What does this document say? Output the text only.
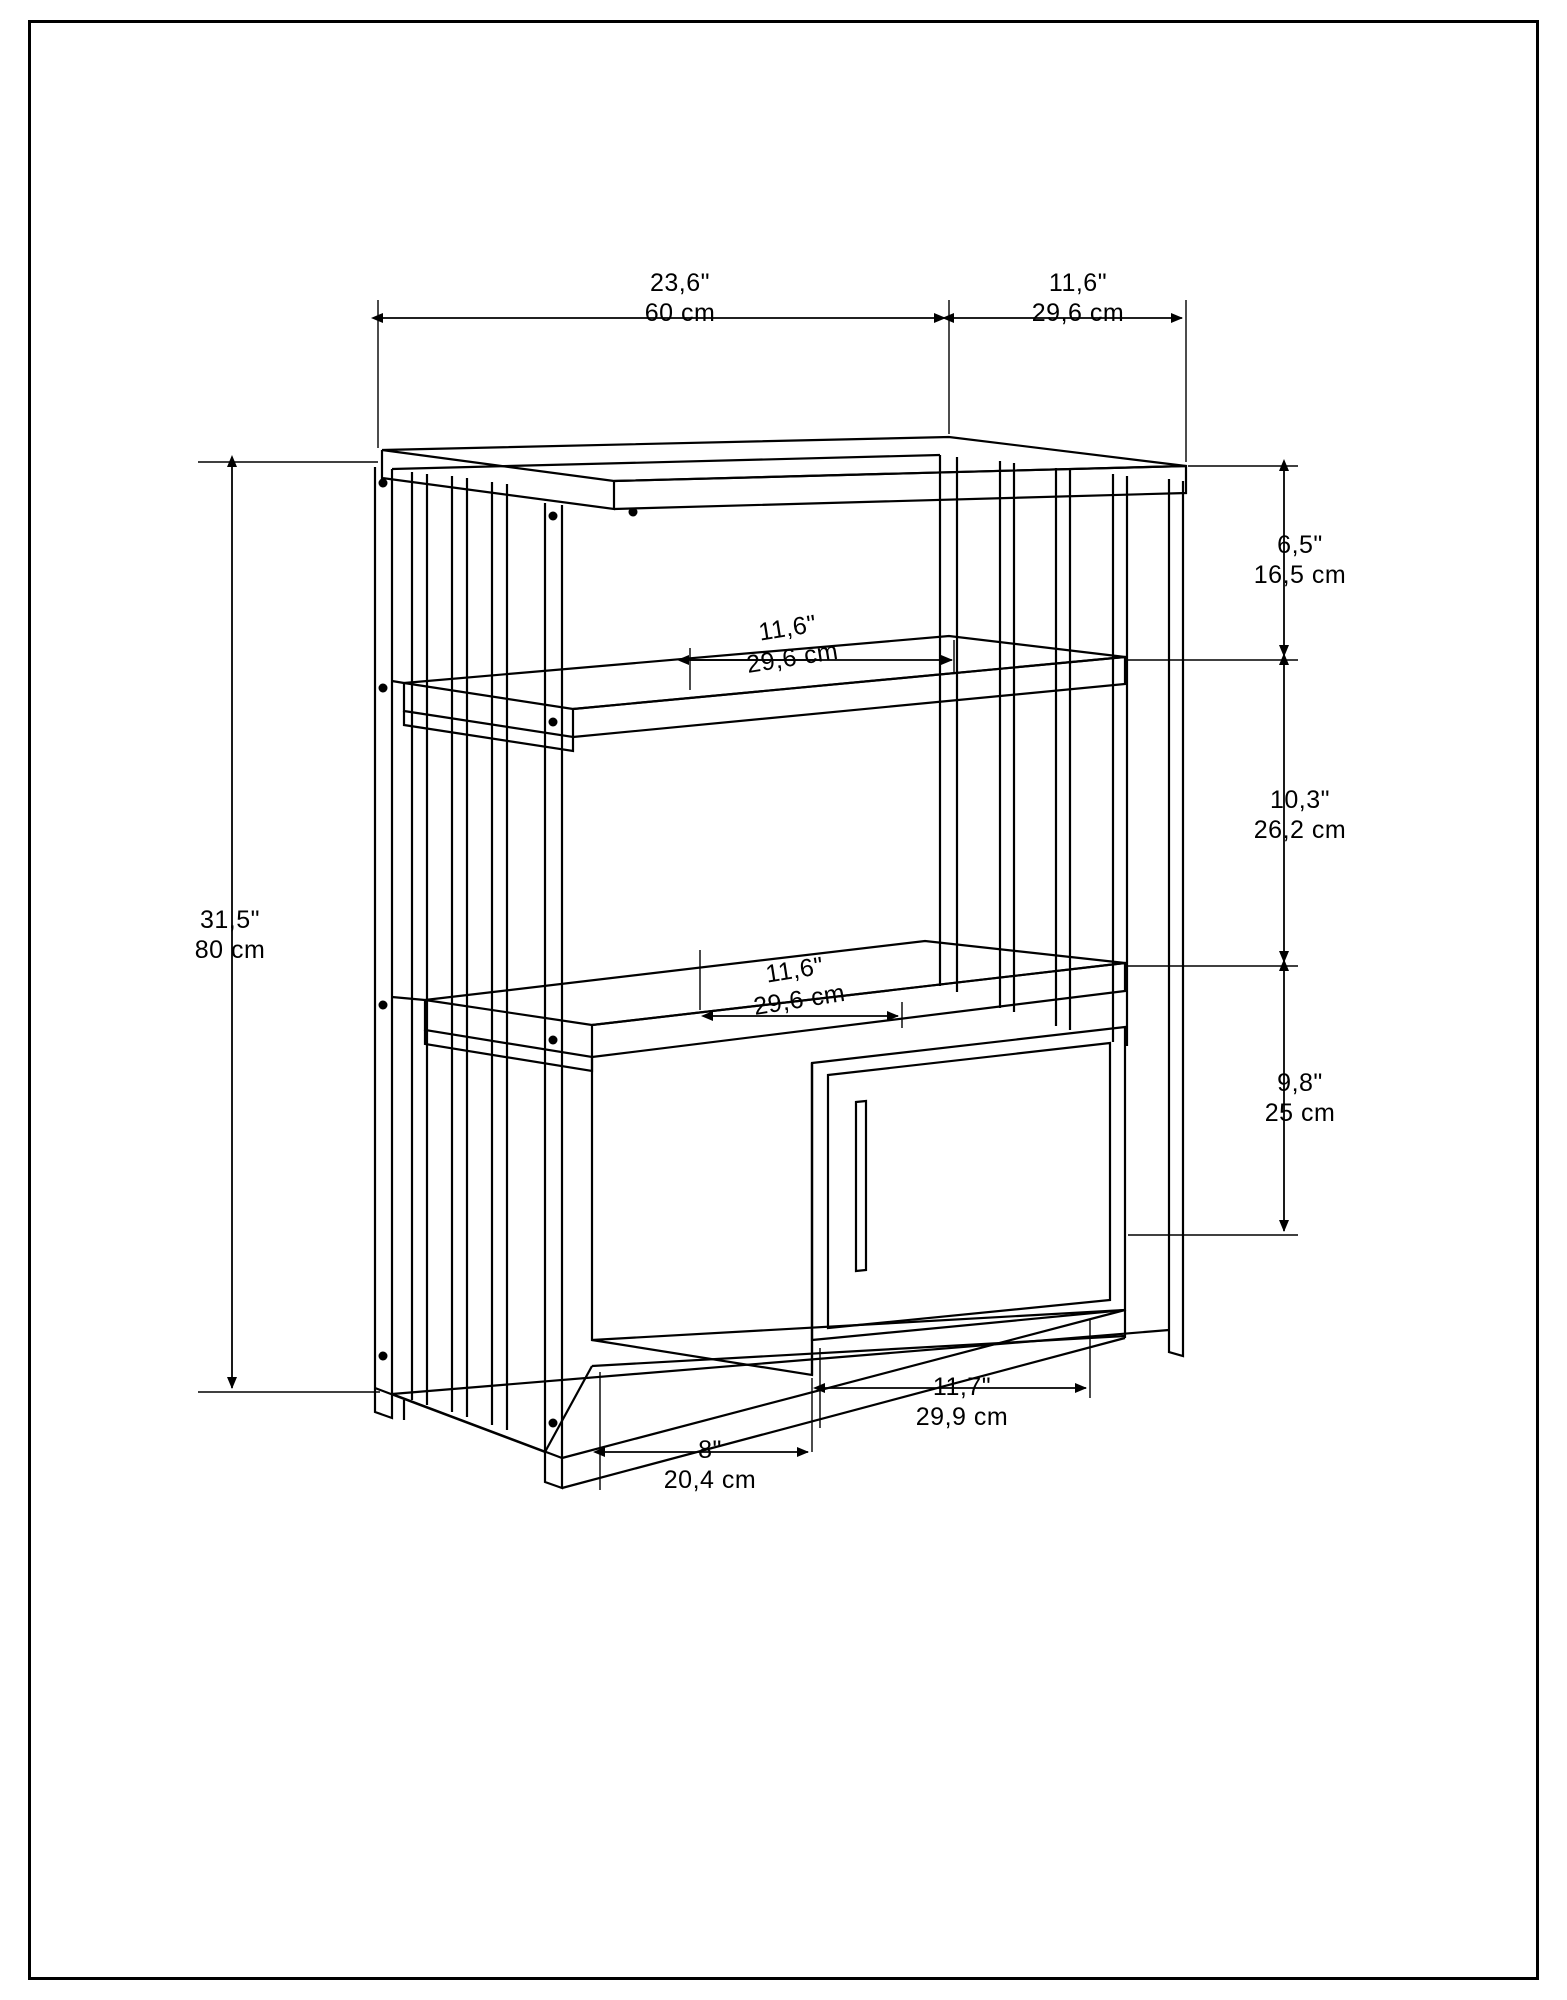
23,6"
60 cm
11,6"
29,6 cm
6,5"
16,5 cm
10,3"
26,2 cm
9,8"
25 cm
31,5"
80 cm
11,6"
29,6 cm
11,6"
29,6 cm
11,7"
29,9 cm
8"
20,4 cm
